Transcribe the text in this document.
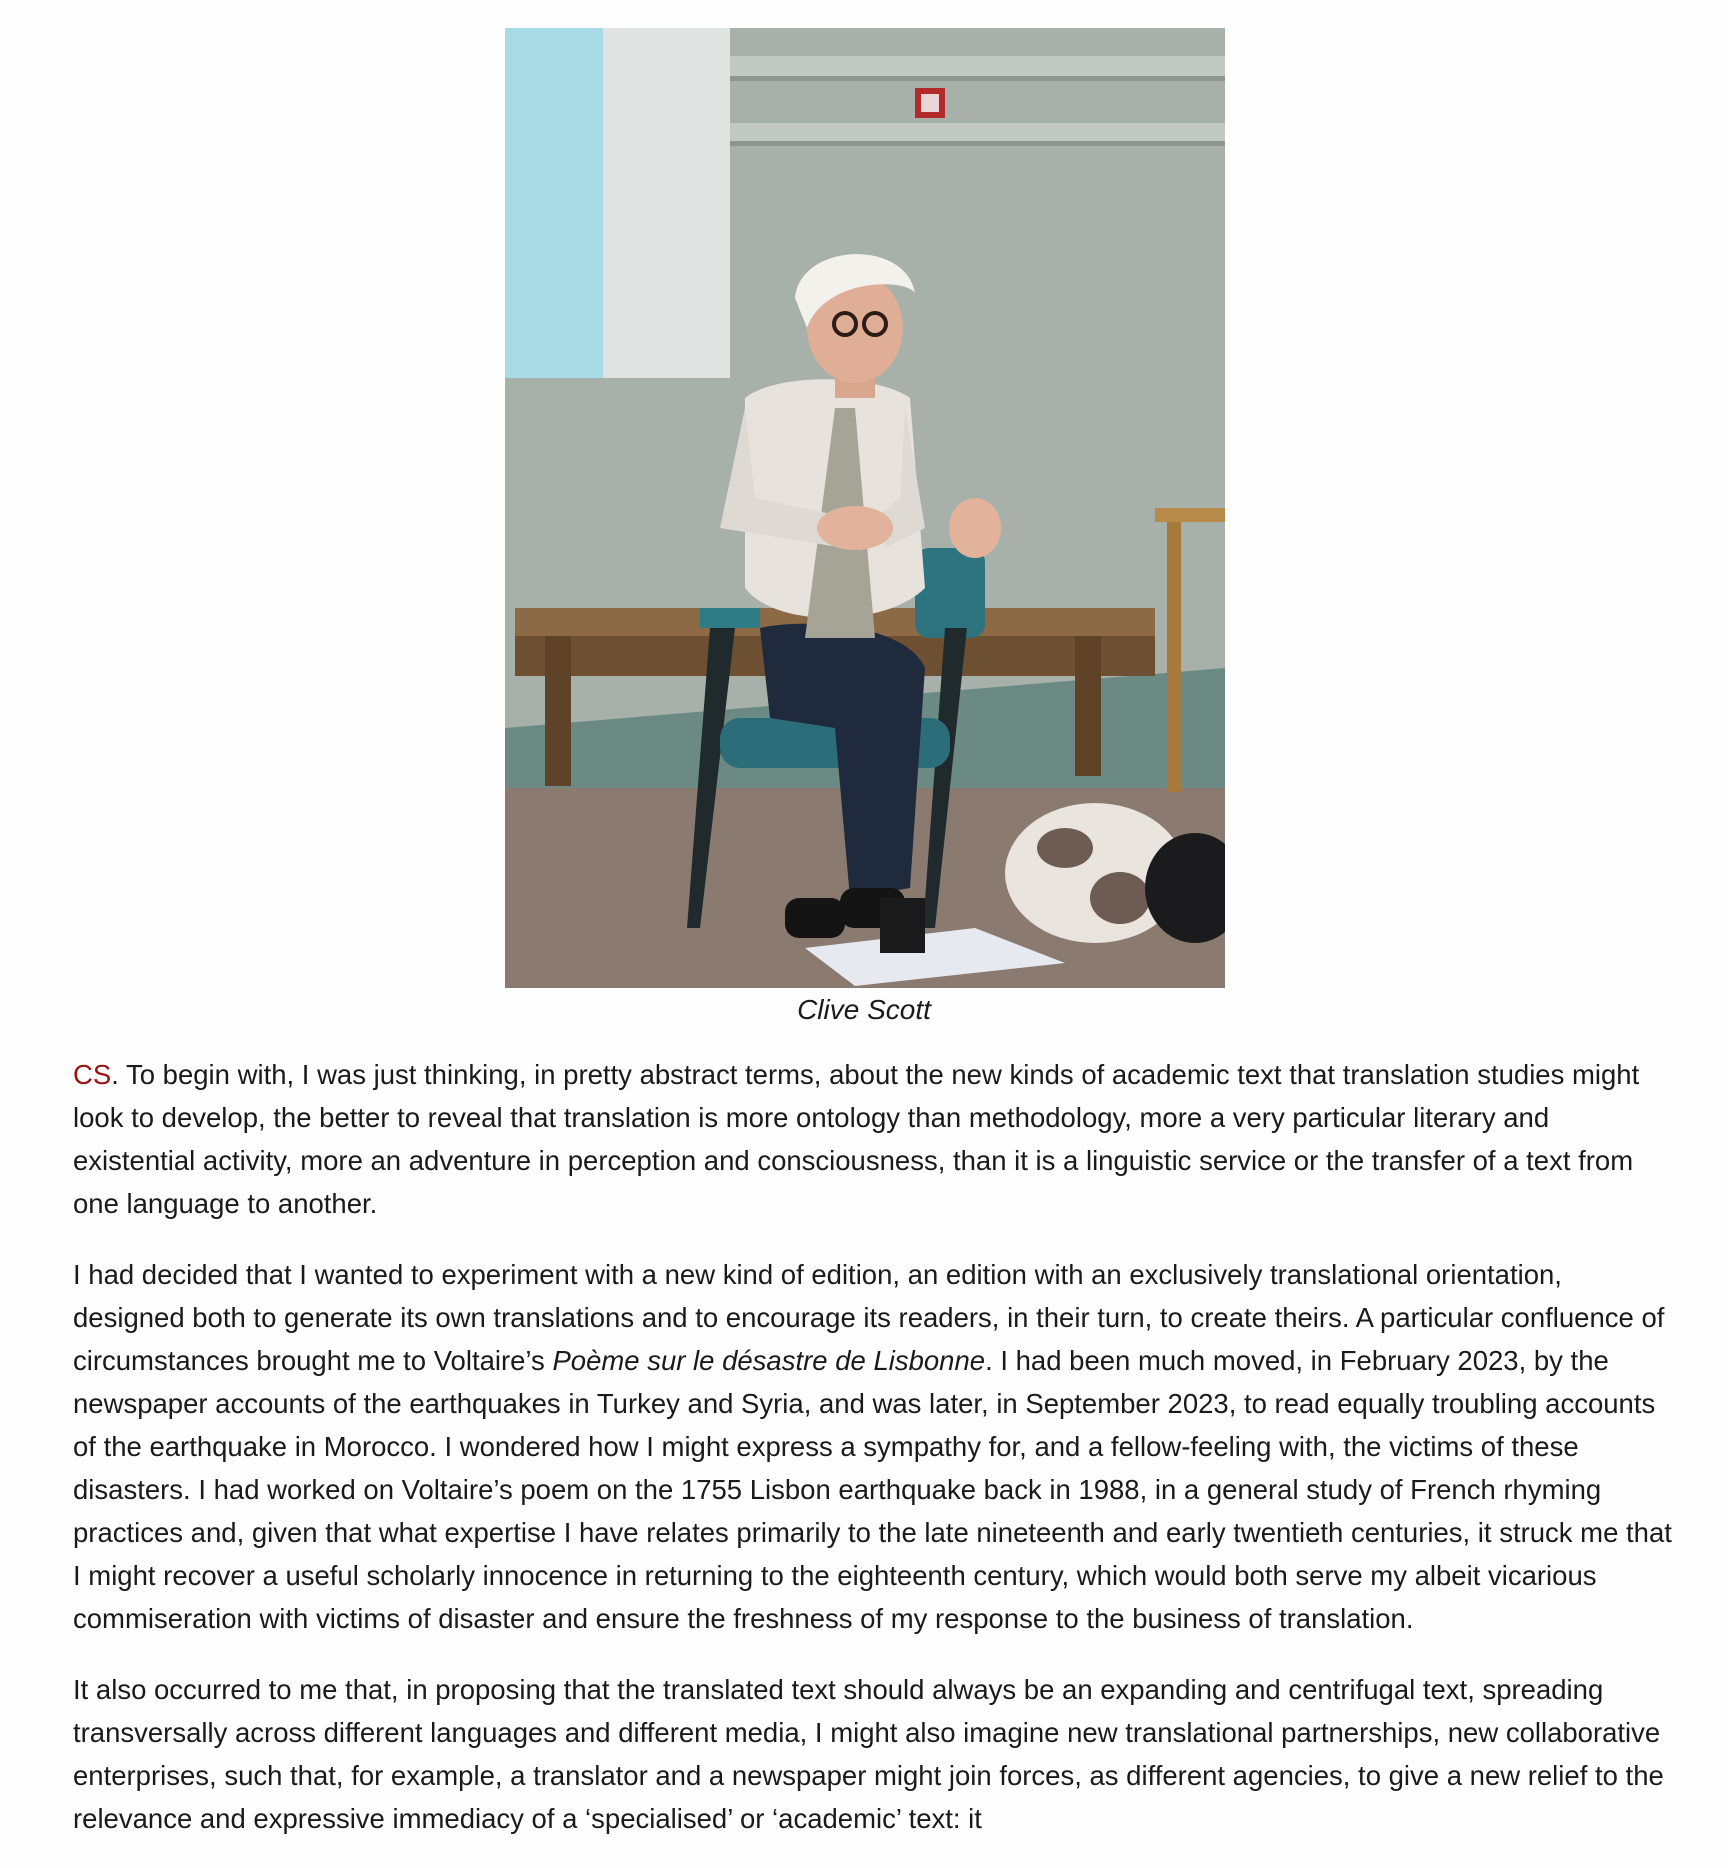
Clive Scott

CS. To begin with, I was just thinking, in pretty abstract terms, about the new kinds of academic text that translation studies might look to develop, the better to reveal that translation is more ontology than methodology, more a very particular literary and existential activity, more an adventure in perception and consciousness, than it is a linguistic service or the transfer of a text from one language to another.

I had decided that I wanted to experiment with a new kind of edition, an edition with an exclusively translational orientation, designed both to generate its own translations and to encourage its readers, in their turn, to create theirs. A particular confluence of circumstances brought me to Voltaire’s Poème sur le désastre de Lisbonne. I had been much moved, in February 2023, by the newspaper accounts of the earthquakes in Turkey and Syria, and was later, in September 2023, to read equally troubling accounts of the earthquake in Morocco. I wondered how I might express a sympathy for, and a fellow-feeling with, the victims of these disasters. I had worked on Voltaire’s poem on the 1755 Lisbon earthquake back in 1988, in a general study of French rhyming practices and, given that what expertise I have relates primarily to the late nineteenth and early twentieth centuries, it struck me that I might recover a useful scholarly innocence in returning to the eighteenth century, which would both serve my albeit vicarious commiseration with victims of disaster and ensure the freshness of my response to the business of translation.

It also occurred to me that, in proposing that the translated text should always be an expanding and centrifugal text, spreading transversally across different languages and different media, I might also imagine new translational partnerships, new collaborative enterprises, such that, for example, a translator and a newspaper might join forces, as different agencies, to give a new relief to the relevance and expressive immediacy of a ‘specialised’ or ‘academic’ text: it
